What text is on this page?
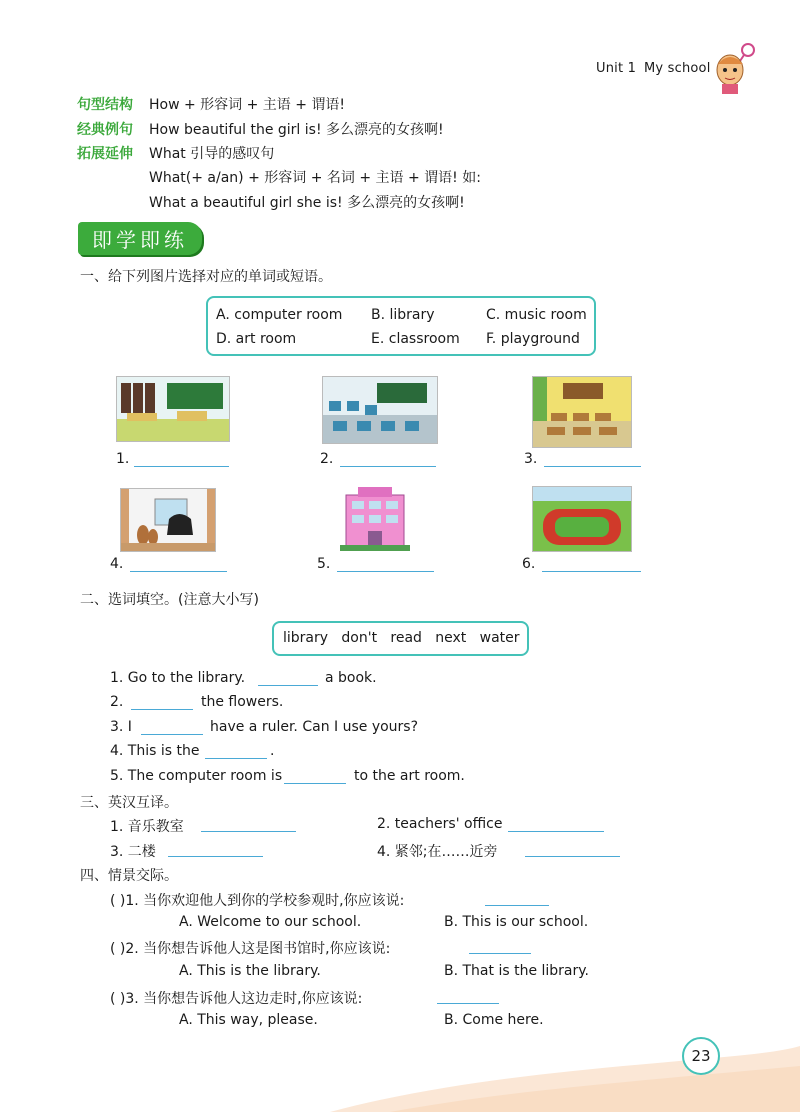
Unit 1 My school
句型结构 How + 形容词 + 主语 + 谓语!
经典例句 How beautiful the girl is! 多么漂亮的女孩啊!
拓展延伸 What 引导的感叹句
What(+ a/an) + 形容词 + 名词 + 主语 + 谓语! 如:
What a beautiful girl she is! 多么漂亮的女孩啊!
即学即练
一、给下列图片选择对应的单词或短语。
A. computer room B. library	C. music room
D. art room	E. classroom F. playground
1.	2.	3.
4.	5.	6.
二、选词填空。(注意大小写)
library   don't   read   next   water
1. Go to the library.	a book.
2.	the flowers.
3. I	have a ruler. Can I use yours?
4. This is the	.
5. The computer room is	to the art room.
三、英汉互译。
1. 音乐教室	2. teachers' office
3. 二楼	4. 紧邻;在……近旁
四、情景交际。
( )1. 当你欢迎他人到你的学校参观时,你应该说:
A. Welcome to our school.	B. This is our school.
( )2. 当你想告诉他人这是图书馆时,你应该说:
A. This is the library.	B. That is the library.
( )3. 当你想告诉他人这边走时,你应该说:
A. This way, please.	B. Come here.
23
